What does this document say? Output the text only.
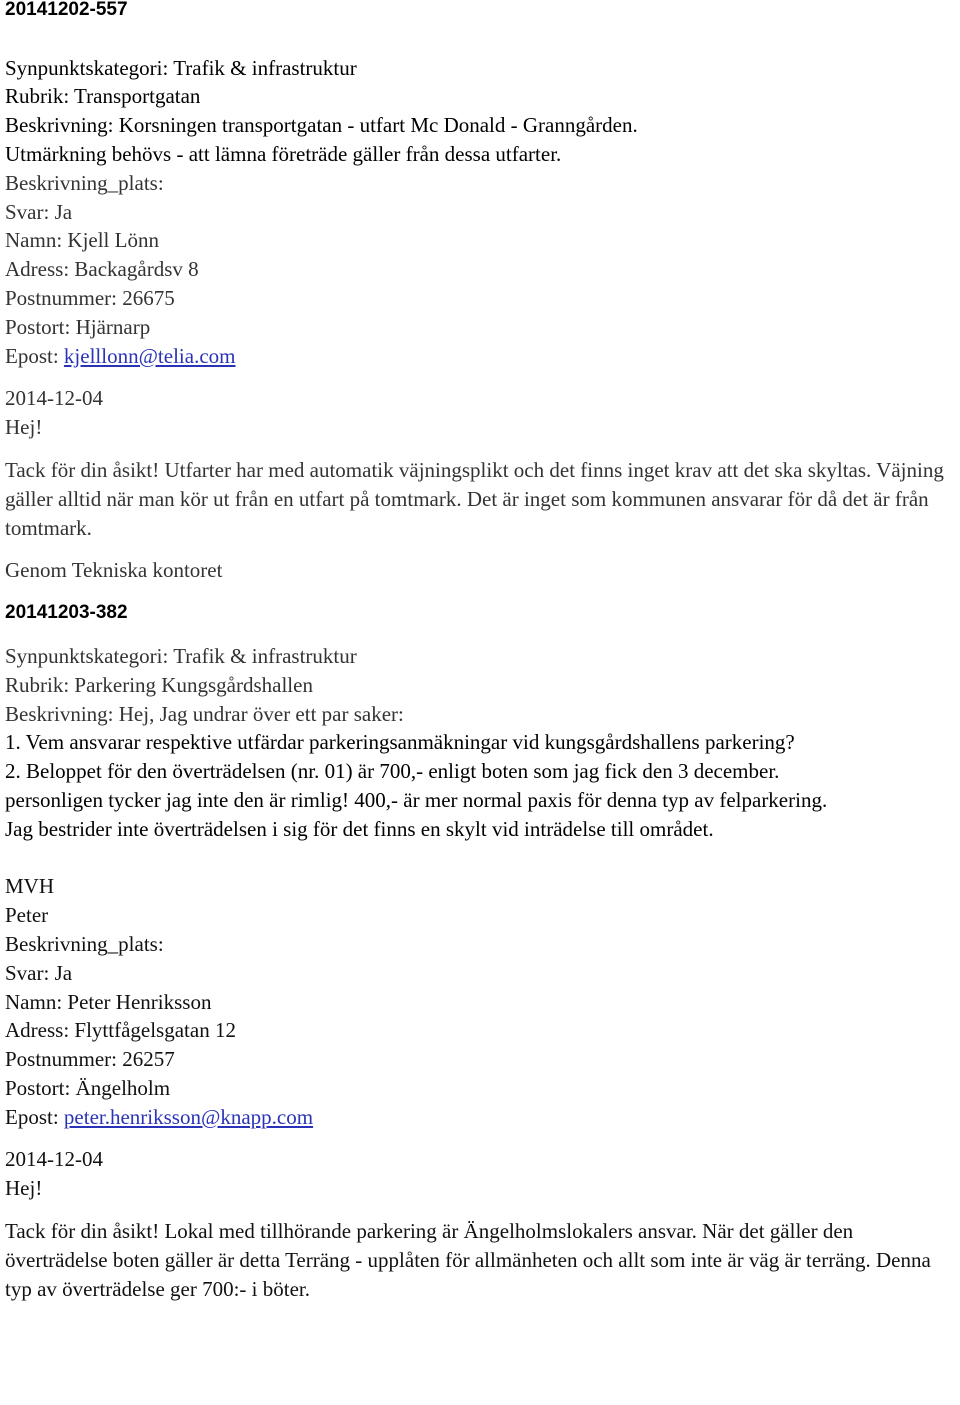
20141202-557
Synpunktskategori: Trafik & infrastruktur
Rubrik: Transportgatan
Beskrivning: Korsningen transportgatan - utfart Mc Donald - Granngården.
Utmärkning behövs - att lämna företräde gäller från dessa utfarter.
Beskrivning_plats:
Svar: Ja
Namn: Kjell Lönn
Adress: Backagårdsv 8
Postnummer: 26675
Postort: Hjärnarp
Epost: kjelllonn@telia.com
2014-12-04
Hej!
Tack för din åsikt! Utfarter har med automatik väjningsplikt och det finns inget krav att det ska skyltas. Väjning gäller alltid när man kör ut från en utfart på tomtmark. Det är inget som kommunen ansvarar för då det är från tomtmark.
Genom Tekniska kontoret
20141203-382
Synpunktskategori: Trafik & infrastruktur
Rubrik: Parkering Kungsgårdshallen
Beskrivning: Hej, Jag undrar över ett par saker:
1. Vem ansvarar respektive utfärdar parkeringsanmäkningar vid kungsgårdshallens parkering?
2. Beloppet för den överträdelsen (nr. 01) är 700,- enligt boten som jag fick den 3 december.
personligen tycker jag inte den är rimlig! 400,- är mer normal paxis för denna typ av felparkering.
Jag bestrider inte överträdelsen i sig för det finns en skylt vid inträdelse till området.
MVH
Peter
Beskrivning_plats:
Svar: Ja
Namn: Peter Henriksson
Adress: Flyttfågelsgatan 12
Postnummer: 26257
Postort: Ängelholm
Epost: peter.henriksson@knapp.com
2014-12-04
Hej!
Tack för din åsikt! Lokal med tillhörande parkering är Ängelholmslokalers ansvar. När det gäller den överträdelse boten gäller är detta Terräng - upplåten för allmänheten och allt som inte är väg är terräng. Denna typ av överträdelse ger 700:- i böter.
